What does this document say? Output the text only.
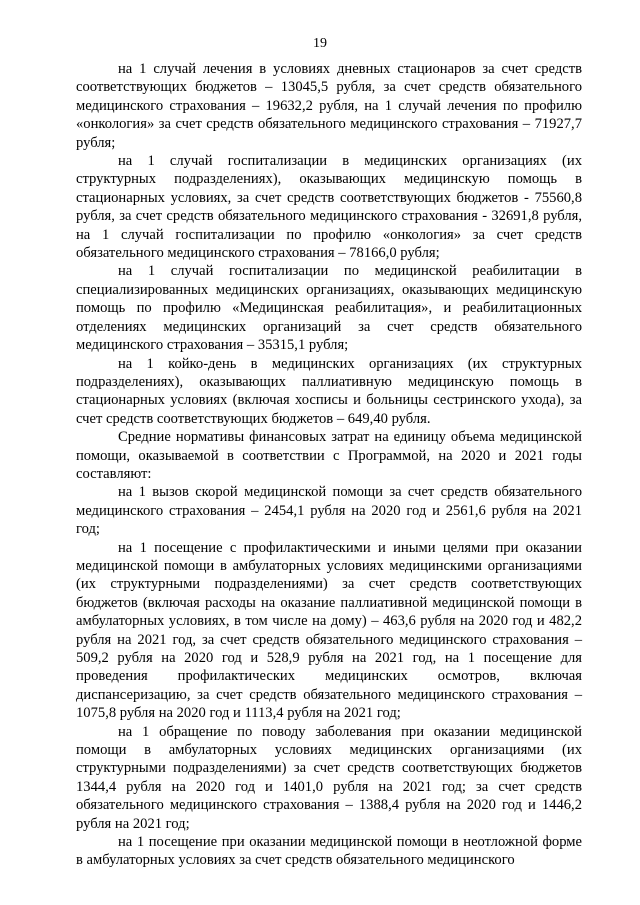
19

на 1 случай лечения в условиях дневных стационаров за счет средств соответствующих бюджетов – 13045,5 рубля, за счет средств обязательного медицинского страхования – 19632,2 рубля, на 1 случай лечения по профилю «онкология» за счет средств обязательного медицинского страхования – 71927,7 рубля;

на 1 случай госпитализации в медицинских организациях (их структурных подразделениях), оказывающих медицинскую помощь в стационарных условиях, за счет средств соответствующих бюджетов - 75560,8 рубля, за счет средств обязательного медицинского страхования - 32691,8 рубля, на 1 случай госпитализации по профилю «онкология» за счет средств обязательного медицинского страхования – 78166,0 рубля;

на 1 случай госпитализации по медицинской реабилитации в специализированных медицинских организациях, оказывающих медицинскую помощь по профилю «Медицинская реабилитация», и реабилитационных отделениях медицинских организаций за счет средств обязательного медицинского страхования – 35315,1 рубля;

на 1 койко-день в медицинских организациях (их структурных подразделениях), оказывающих паллиативную медицинскую помощь в стационарных условиях (включая хосписы и больницы сестринского ухода), за счет средств соответствующих бюджетов – 649,40 рубля.

Средние нормативы финансовых затрат на единицу объема медицинской помощи, оказываемой в соответствии с Программой, на 2020 и 2021 годы составляют:

на 1 вызов скорой медицинской помощи за счет средств обязательного медицинского страхования – 2454,1 рубля на 2020 год и 2561,6 рубля на 2021 год;

на 1 посещение с профилактическими и иными целями при оказании медицинской помощи в амбулаторных условиях медицинскими организациями (их структурными подразделениями) за счет средств соответствующих бюджетов (включая расходы на оказание паллиативной медицинской помощи в амбулаторных условиях, в том числе на дому) – 463,6 рубля на 2020 год и 482,2 рубля на 2021 год, за счет средств обязательного медицинского страхования – 509,2 рубля на 2020 год и 528,9 рубля на 2021 год, на 1 посещение для проведения профилактических медицинских осмотров, включая диспансеризацию, за счет средств обязательного медицинского страхования – 1075,8 рубля на 2020 год и 1113,4 рубля на 2021 год;

на 1 обращение по поводу заболевания при оказании медицинской помощи в амбулаторных условиях медицинских организациями (их структурными подразделениями) за счет средств соответствующих бюджетов 1344,4 рубля на 2020 год и 1401,0 рубля на 2021 год; за счет средств обязательного медицинского страхования – 1388,4 рубля на 2020 год и 1446,2 рубля на 2021 год;

на 1 посещение при оказании медицинской помощи в неотложной форме в амбулаторных условиях за счет средств обязательного медицинского
